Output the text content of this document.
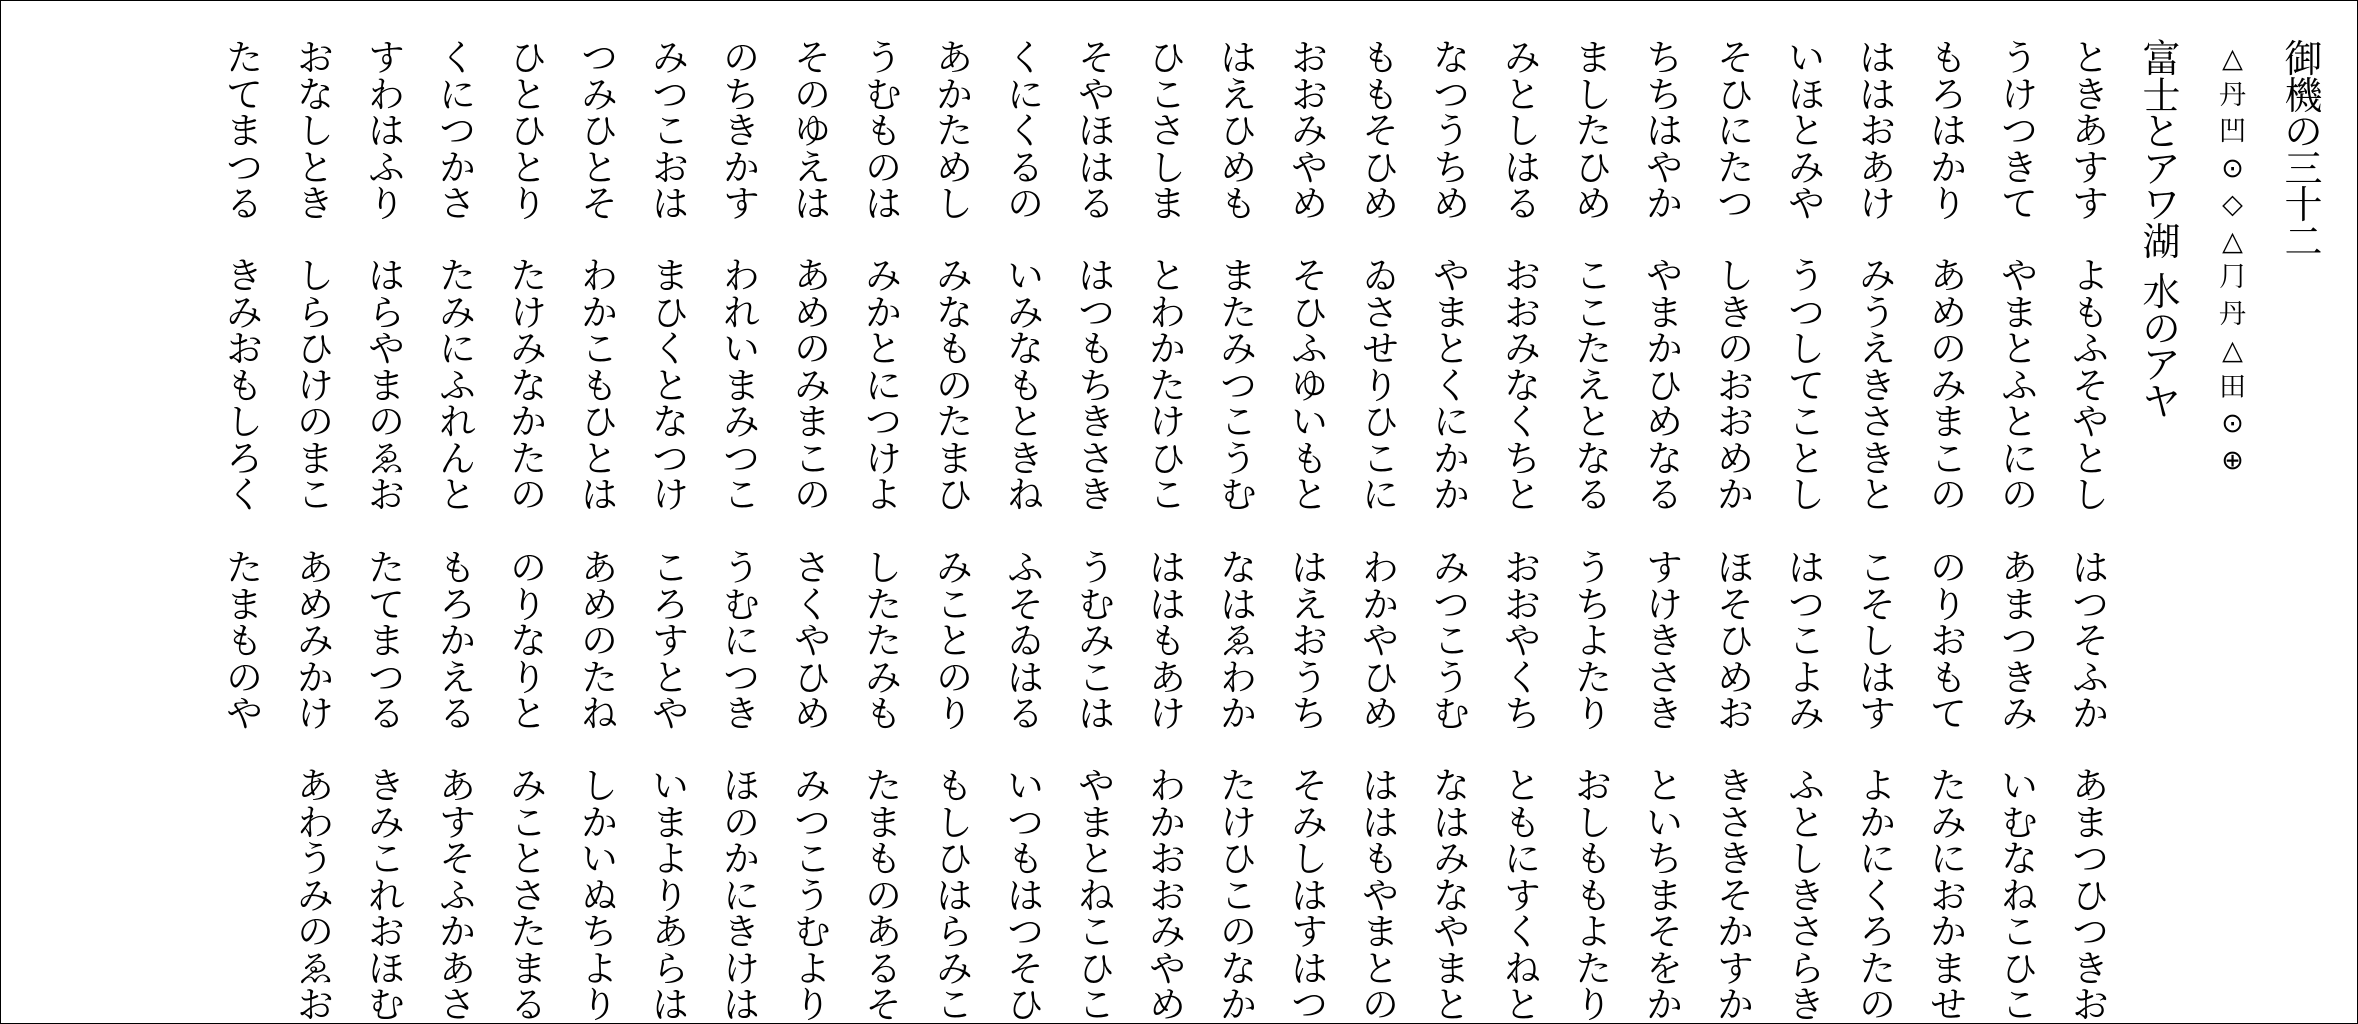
御
機
の
三
十
二
△
丹
凹
⊙
◇
△
⺆
丹
△
田
⊙
⊕
富
士
と
ア
ワ
湖
水
の
ア
ヤ
と
き
あ
す
す
よ
も
ふ
そ
や
と
し
は
つ
そ
ふ
か
あ
ま
つ
ひ
つ
き
お
う
け
つ
き
て
や
ま
と
ふ
と
に
の
あ
ま
つ
き
み
い
む
な
ね
こ
ひ
こ
も
ろ
は
か
り
あ
め
の
み
ま
こ
の
の
り
お
も
て
た
み
に
お
か
ま
せ
は
は
お
あ
け
み
う
え
き
さ
き
と
こ
そ
し
は
す
よ
か
に
く
ろ
た
の
い
ほ
と
み
や
う
つ
し
て
こ
と
し
は
つ
こ
よ
み
ふ
と
し
き
さ
ら
き
そ
ひ
に
た
つ
し
き
の
お
お
め
か
ほ
そ
ひ
め
お
き
さ
き
そ
か
す
か
ち
ち
は
や
か
や
ま
か
ひ
め
な
る
す
け
き
さ
き
と
い
ち
ま
そ
を
か
ま
し
た
ひ
め
こ
こ
た
え
と
な
る
う
ち
よ
た
り
お
し
も
も
よ
た
り
み
と
し
は
る
お
お
み
な
く
ち
と
お
お
や
く
ち
と
も
に
す
く
ね
と
な
つ
う
ち
め
や
ま
と
く
に
か
か
み
つ
こ
う
む
な
は
み
な
や
ま
と
も
も
そ
ひ
め
ゐ
さ
せ
り
ひ
こ
に
わ
か
や
ひ
め
は
は
も
や
ま
と
の
お
お
み
や
め
そ
ひ
ふ
ゆ
い
も
と
は
え
お
う
ち
そ
み
し
は
す
は
つ
は
え
ひ
め
も
ま
た
み
つ
こ
う
む
な
は
ゑ
わ
か
た
け
ひ
こ
の
な
か
ひ
こ
さ
し
ま
と
わ
か
た
け
ひ
こ
は
は
も
あ
け
わ
か
お
お
み
や
め
そ
や
ほ
は
る
は
つ
も
ち
き
さ
き
う
む
み
こ
は
や
ま
と
ね
こ
ひ
こ
く
に
く
る
の
い
み
な
も
と
き
ね
ふ
そ
ゐ
は
る
い
つ
も
は
つ
そ
ひ
あ
か
た
め
し
み
な
も
の
た
ま
ひ
み
こ
と
の
り
も
し
ひ
は
ら
み
こ
う
む
も
の
は
み
か
と
に
つ
け
よ
し
た
た
み
も
た
ま
も
の
あ
る
そ
そ
の
ゆ
え
は
あ
め
の
み
ま
こ
の
さ
く
や
ひ
め
み
つ
こ
う
む
よ
り
の
ち
き
か
す
わ
れ
い
ま
み
つ
こ
う
む
に
つ
き
ほ
の
か
に
き
け
は
み
つ
こ
お
は
ま
ひ
く
と
な
つ
け
こ
ろ
す
と
や
い
ま
よ
り
あ
ら
は
つ
み
ひ
と
そ
わ
か
こ
も
ひ
と
は
あ
め
の
た
ね
し
か
い
ぬ
ち
よ
り
ひ
と
ひ
と
り
た
け
み
な
か
た
の
の
り
な
り
と
み
こ
と
さ
た
ま
る
く
に
つ
か
さ
た
み
に
ふ
れ
ん
と
も
ろ
か
え
る
あ
す
そ
ふ
か
あ
さ
す
わ
は
ふ
り
は
ら
や
ま
の
ゑ
お
た
て
ま
つ
る
き
み
こ
れ
お
ほ
む
お
な
し
と
き
し
ら
ひ
け
の
ま
こ
あ
め
み
か
け
あ
わ
う
み
の
ゑ
お
た
て
ま
つ
る
き
み
お
も
し
ろ
く
た
ま
も
の
や
